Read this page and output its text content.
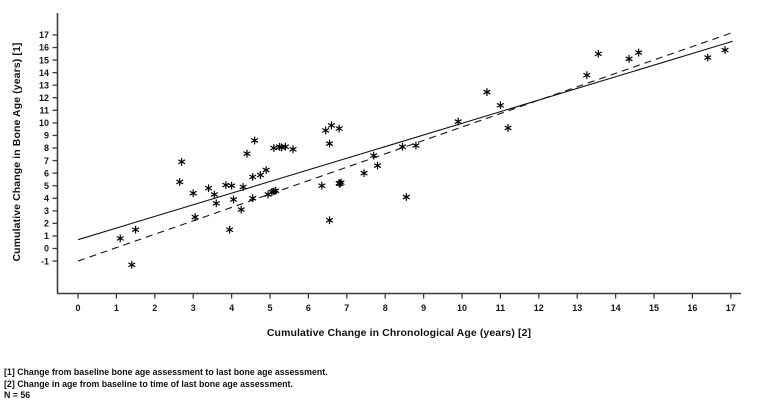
-1
0
1
2
3
4
5
6
7
8
9
10
11
12
13
14
15
16
17
0	1	2	3	4	5	6	7	8	9	10	11	12	13	14	15	16	17
Cumulative Change in Bone Age (years) [1]
Cumulative Change in Chronological Age (years) [2]
[1] Change from baseline bone age assessment to last bone age assessment.
[2] Change in age from baseline to time of last bone age assessment.
N = 56
